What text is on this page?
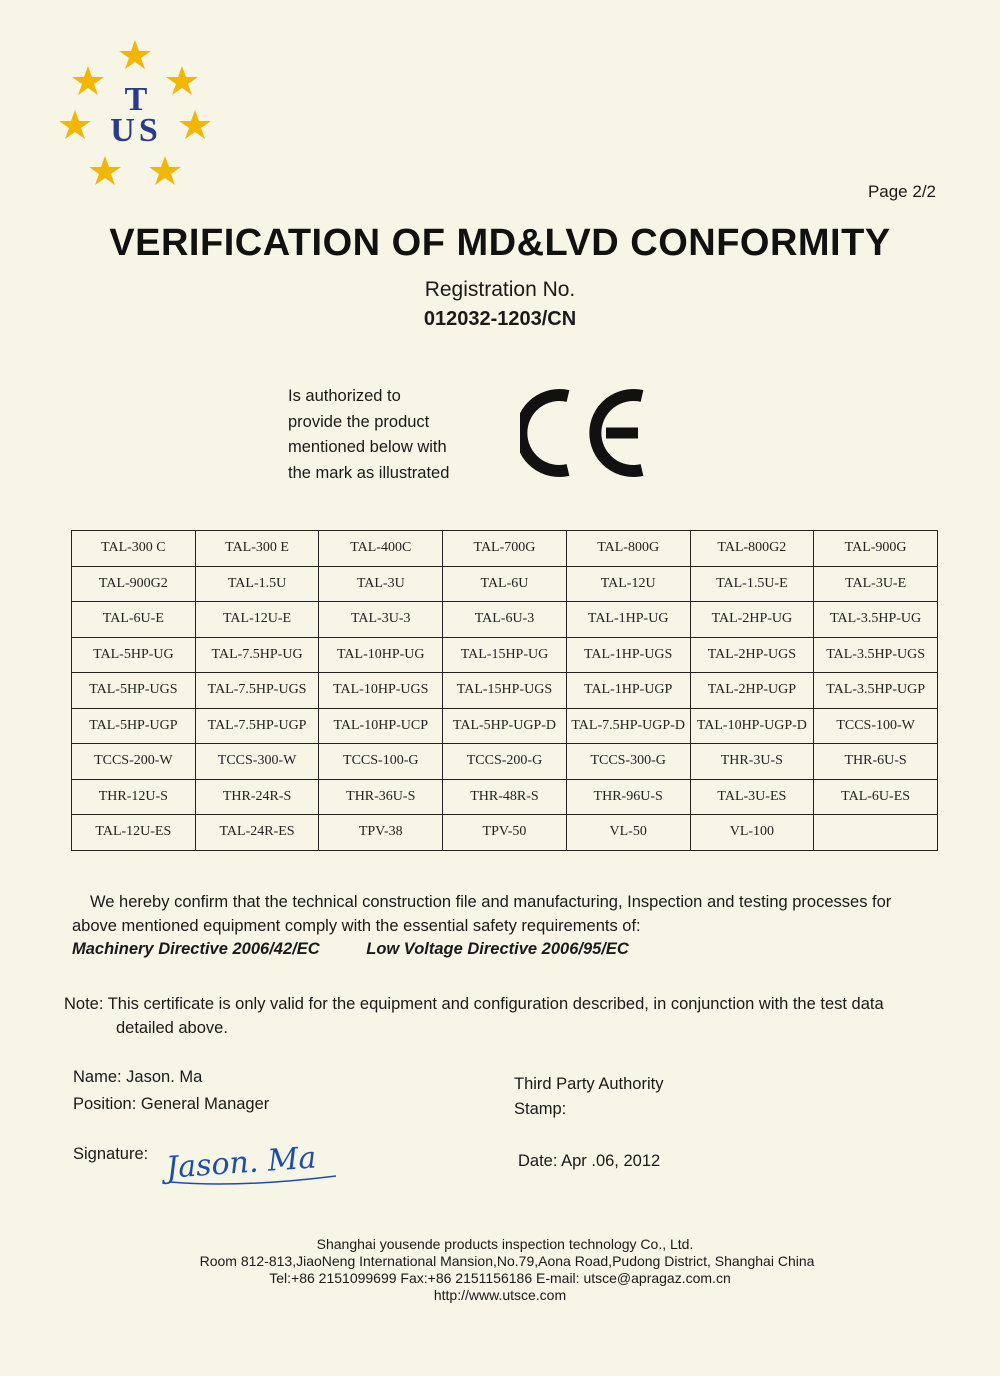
T
US
Page 2/2
VERIFICATION OF MD&LVD CONFORMITY
Registration No.
012032-1203/CN
Is authorized to
provide the product
mentioned below with
the mark as illustrated
TAL-300 C	TAL-300 E	TAL-400C	TAL-700G	TAL-800G	TAL-800G2	TAL-900G
TAL-900G2	TAL-1.5U	TAL-3U	TAL-6U	TAL-12U	TAL-1.5U-E	TAL-3U-E
TAL-6U-E	TAL-12U-E	TAL-3U-3	TAL-6U-3	TAL-1HP-UG	TAL-2HP-UG	TAL-3.5HP-UG
TAL-5HP-UG	TAL-7.5HP-UG	TAL-10HP-UG	TAL-15HP-UG	TAL-1HP-UGS	TAL-2HP-UGS	TAL-3.5HP-UGS
TAL-5HP-UGS	TAL-7.5HP-UGS	TAL-10HP-UGS	TAL-15HP-UGS	TAL-1HP-UGP	TAL-2HP-UGP	TAL-3.5HP-UGP
TAL-5HP-UGP	TAL-7.5HP-UGP	TAL-10HP-UCP	TAL-5HP-UGP-D	TAL-7.5HP-UGP-D	TAL-10HP-UGP-D	TCCS-100-W
TCCS-200-W	TCCS-300-W	TCCS-100-G	TCCS-200-G	TCCS-300-G	THR-3U-S	THR-6U-S
THR-12U-S	THR-24R-S	THR-36U-S	THR-48R-S	THR-96U-S	TAL-3U-ES	TAL-6U-ES
TAL-12U-ES	TAL-24R-ES	TPV-38	TPV-50	VL-50	VL-100	
We hereby confirm that the technical construction file and manufacturing, Inspection and testing processes for
above mentioned equipment comply with the essential safety requirements of:
Machinery Directive 2006/42/EC	Low Voltage Directive 2006/95/EC
Note: This certificate is only valid for the equipment and configuration described, in conjunction with the test data
detailed above.
Name: Jason. Ma
Position: General Manager
Signature: Jason. Ma
Third Party Authority
Stamp:
Date: Apr .06, 2012
Shanghai yousende products inspection technology Co., Ltd.
Room 812-813,JiaoNeng International Mansion,No.79,Aona Road,Pudong District, Shanghai China
Tel:+86 2151099699 Fax:+86 2151156186 E-mail: utsce@apragaz.com.cn
http://www.utsce.com
